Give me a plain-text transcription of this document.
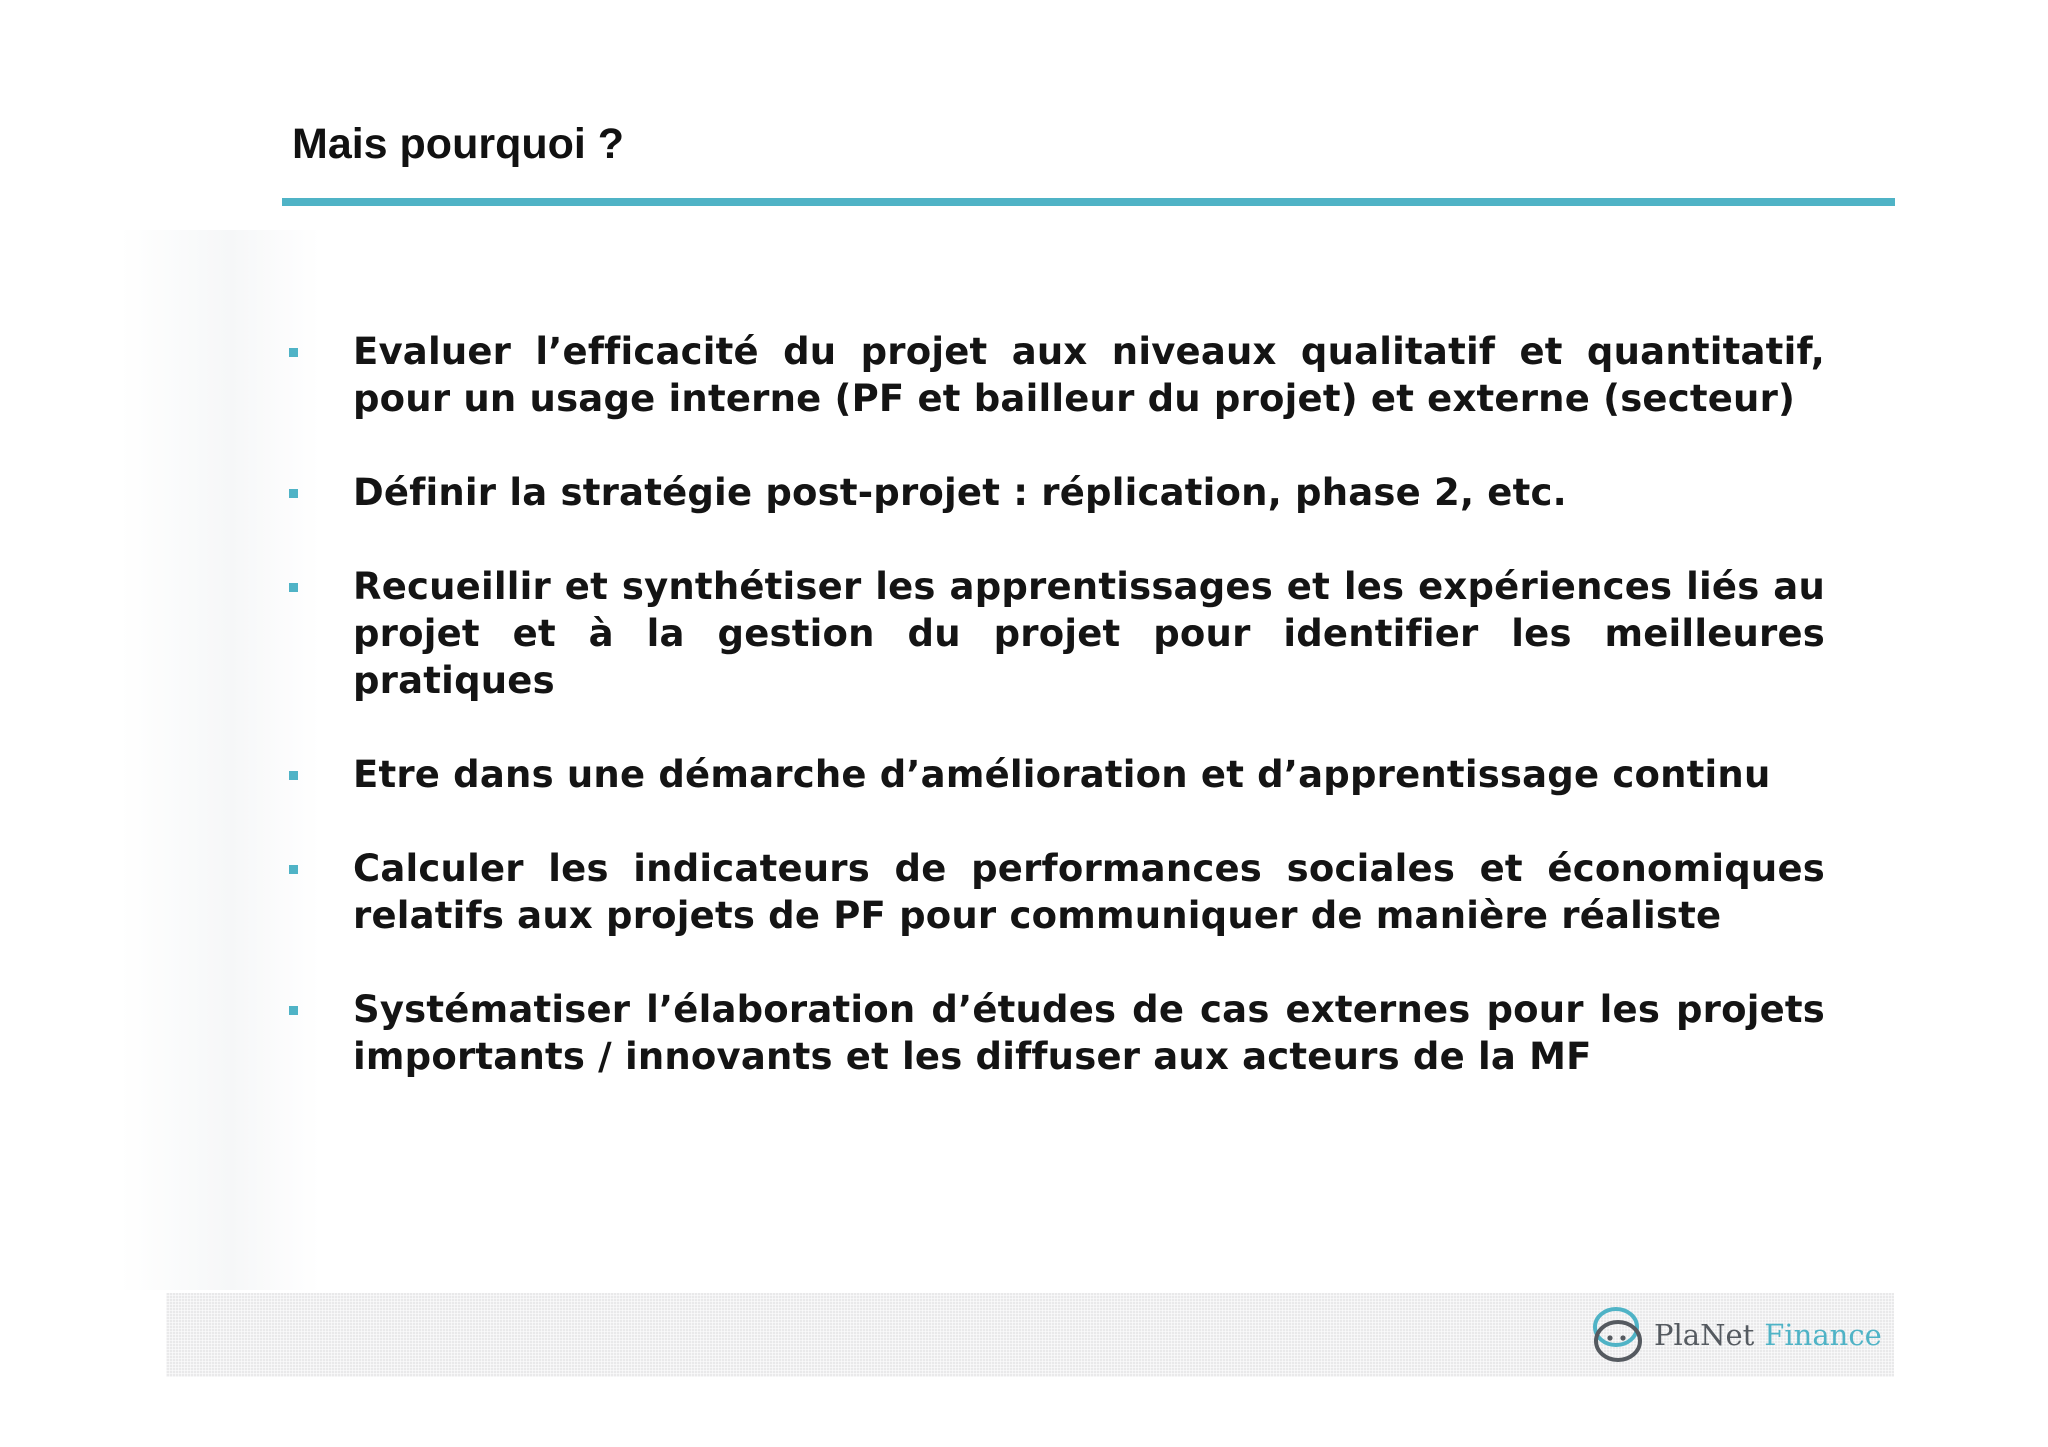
Mais pourquoi ?
Evaluer l’efficacité du projet aux niveaux qualitatif et quantitatif, pour un usage interne (PF et bailleur du projet) et externe (secteur)
Définir la stratégie post-projet : réplication, phase 2, etc.
Recueillir et synthétiser les apprentissages et les expériences liés au projet et à la gestion du projet pour identifier les meilleures pratiques
Etre dans une démarche d’amélioration et d’apprentissage continu
Calculer les indicateurs de performances sociales et économiques relatifs aux projets de PF pour communiquer de manière réaliste
Systématiser l’élaboration d’études de cas externes pour les projets importants / innovants et les diffuser aux acteurs de la MF
PlaNet Finance
